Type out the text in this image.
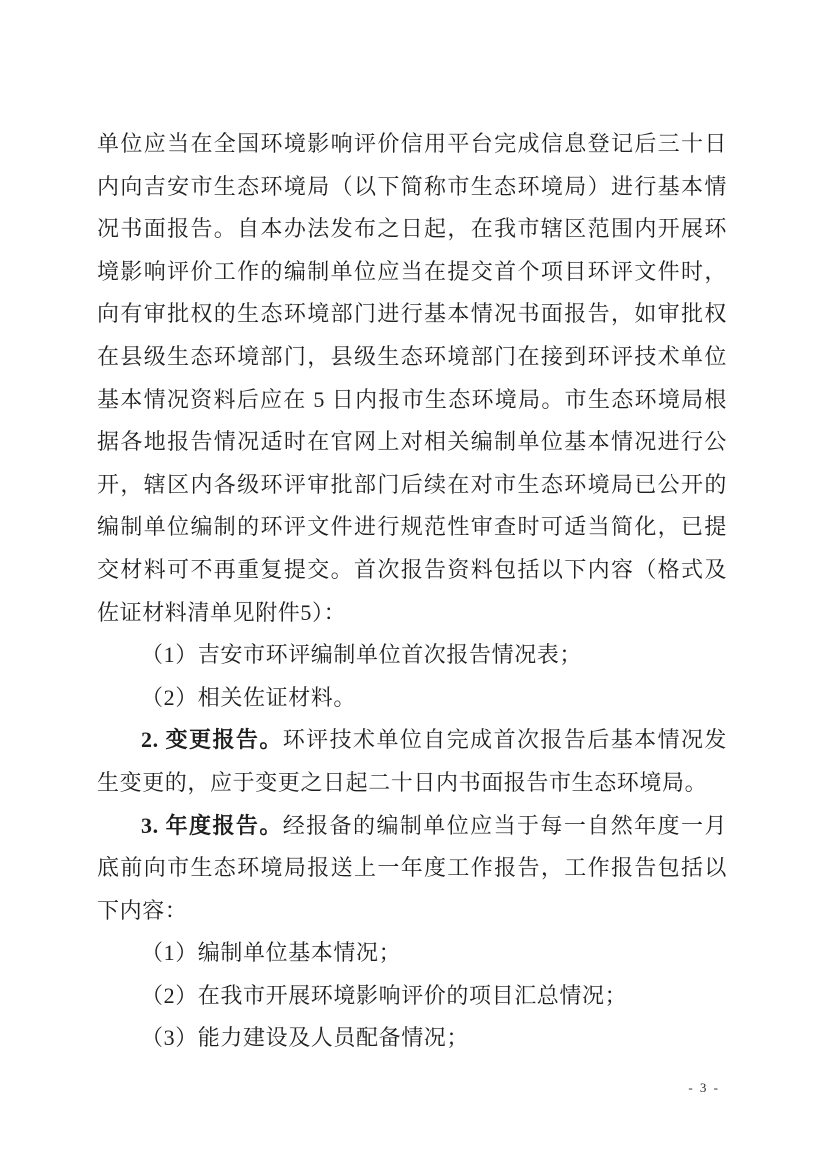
单位应当在全国环境影响评价信用平台完成信息登记后三十日内向吉安市生态环境局（以下简称市生态环境局）进行基本情况书面报告。自本办法发布之日起，在我市辖区范围内开展环境影响评价工作的编制单位应当在提交首个项目环评文件时，向有审批权的生态环境部门进行基本情况书面报告，如审批权在县级生态环境部门，县级生态环境部门在接到环评技术单位基本情况资料后应在 5 日内报市生态环境局。市生态环境局根据各地报告情况适时在官网上对相关编制单位基本情况进行公开，辖区内各级环评审批部门后续在对市生态环境局已公开的编制单位编制的环评文件进行规范性审查时可适当简化，已提交材料可不再重复提交。首次报告资料包括以下内容（格式及佐证材料清单见附件5）：

（1）吉安市环评编制单位首次报告情况表；

（2）相关佐证材料。

2. 变更报告。环评技术单位自完成首次报告后基本情况发生变更的，应于变更之日起二十日内书面报告市生态环境局。

3. 年度报告。经报备的编制单位应当于每一自然年度一月底前向市生态环境局报送上一年度工作报告，工作报告包括以下内容：

（1）编制单位基本情况；

（2）在我市开展环境影响评价的项目汇总情况；

（3）能力建设及人员配备情况；

- 3 -
